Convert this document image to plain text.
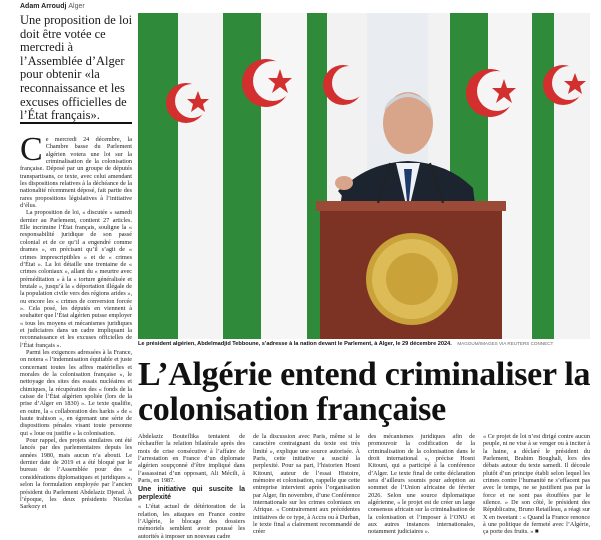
Adam Arroudj Alger
Une proposition de loi doit être votée ce mercredi à l’Assemblée d’Alger pour obtenir «la reconnaissance et les excuses officielles de l’État français».

C e mercredi 24 décembre, la Chambre basse du Parlement algérien votera une loi sur la criminalisation de la colonisation française. Déposé par un groupe de députés transpartisans, ce texte, avec celui amendant les dispositions relatives à la déchéance de la nationalité récemment déposé, fait partie des rares propositions législatives à l’initiative d’élus.

La proposition de loi, « discutée » samedi dernier au Parlement, contient 27 articles. Elle incrimine l’État français, souligne la « responsabilité juridique de son passé colonial et de ce qu’il a engendré comme drames », en précisant qu’il s’agit de « crimes imprescriptibles » et de « crimes d’État ». La loi détaille une trentaine de « crimes coloniaux », allant du « meurtre avec préméditation » à la « torture généralisée et brutale », jusqu’à la « déportation illégale de la population civile vers des régions arides », ou encore les « crimes de conversion forcée ». Cela posé, les députés en viennent à souhaiter que l’État algérien puisse employer « tous les moyens et mécanismes juridiques et judiciaires dans un cadre impliquant la reconnaissance et les excuses officielles de l’État français ».

Parmi les exigences adressées à la France, on notera « l’indemnisation équitable et juste concernant toutes les affres matérielles et morales de la colonisation française », le nettoyage des sites des essais nucléaires et chimiques, la récupération des « fonds de la caisse de l’État algérien spoliée (lors de la prise d’Alger en 1830) ». Le texte qualifie, en outre, la « collaboration des harkis » de « haute trahison », en égrenant une série de dispositions pénales visant toute personne qui « loue ou justifie » la colonisation.

Pour rappel, des projets similaires ont été lancés par des parlementaires depuis les années 1980, mais aucun n’a abouti. Le dernier date de 2019 et a été bloqué par le bureau de l’Assemblée pour des « considérations diplomatiques et juridiques », selon la formulation employée par l’ancien président du Parlement Abdelaziz Djerad. À l’époque, les deux présidents Nicolas Sarkozy et

Le président algérien, Abdelmadjid Tebboune, s’adresse à la nation devant le Parlement, à Alger, le 29 décembre 2024. MAGOUM/IMAGES VIA REUTERS CONNECT
L’Algérie entend criminaliser la colonisation française

Abdelaziz Bouteflika tentaient de réchauffer la relation bilatérale après des mois de crise consécutive à l’affaire de l’arrestation en France d’un diplomate algérien soupçonné d’être impliqué dans l’assassinat d’un opposant, Ali Mécili, à Paris, en 1987.

Une initiative qui suscite la perplexité

« L’état actuel de détérioration de la relation, les attaques en France contre l’Algérie, le blocage des dossiers mémoriels semblent avoir poussé les autorités à imposer un nouveau cadre

de la discussion avec Paris, même si le caractère contraignant du texte est très limité », explique une source autorisée. À Paris, cette initiative a suscité la perplexité. Pour sa part, l’historien Hosni Kitouni, auteur de l’essai Histoire, mémoire et colonisation, rappelle que cette entreprise intervient après l’organisation par Alger, fin novembre, d’une Conférence internationale sur les crimes coloniaux en Afrique. « Contrairement aux précédentes initiatives de ce type, à Accra ou à Durban, le texte final a clairement recommandé de créer

des mécanismes juridiques afin de promouvoir la codification de la criminalisation de la colonisation dans le droit international », précise Hosni Kitouni, qui a participé à la conférence d’Alger. Le texte final de cette déclaration sera d’ailleurs soumis pour adoption au sommet de l’Union africaine de février 2026. Selon une source diplomatique algérienne, « le projet est de créer un large consensus africain sur la criminalisation de la colonisation et l’imposer à l’ONU et aux autres instances internationales, notamment judiciaires ».

« Ce projet de loi n’est dirigé contre aucun peuple, ni ne vise à se venger ou à inciter à la haine, a déclaré le président du Parlement, Brahim Boughali, lors des débats autour du texte samedi. Il découle plutôt d’un principe établi selon lequel les crimes contre l’humanité ne s’effacent pas avec le temps, ne se justifient pas par la force et ne sont pas étouffées par le silence. » De son côté, le président des Républicains, Bruno Retailleau, a réagi sur X en tweetant : « Quand la France renonce à une politique de fermeté avec l’Algérie, ça porte des fruits. » ■
